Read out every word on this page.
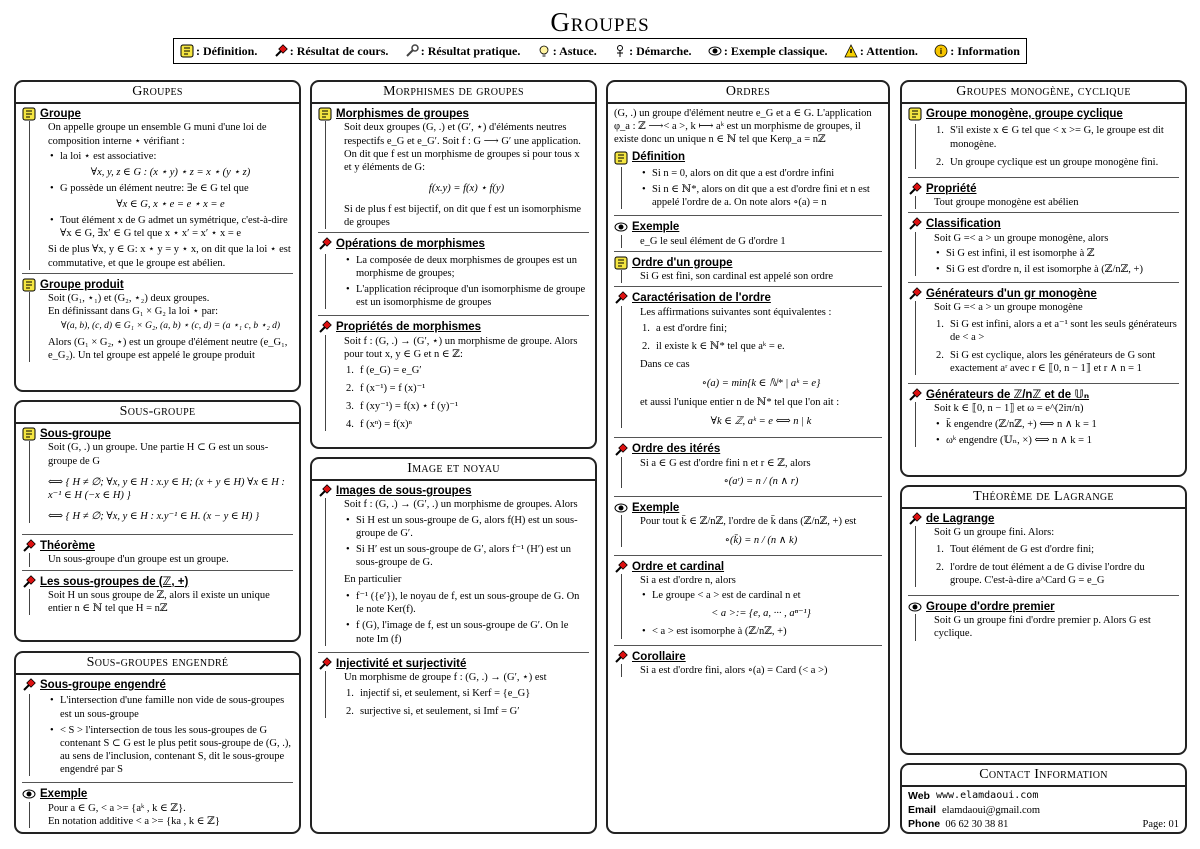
Groupes
: Définition.	: Résultat de cours.	: Résultat pratique.	: Astuce.	: Démarche.	: Exemple classique.	: Attention.	: Information
Groupes
Groupe
On appelle groupe un ensemble G muni d'une loi de composition interne ⋆ vérifiant :
• la loi ⋆ est associative:
∀x, y, z ∈ G : (x ⋆ y) ⋆ z = x ⋆ (y ⋆ z)
• G possède un élément neutre: ∃e ∈ G tel que
∀x ∈ G, x ⋆ e = e ⋆ x = e
• Tout élément x de G admet un symétrique, c'est-à-dire ∀x ∈ G, ∃x′ ∈ G tel que x ⋆ x′ = x′ ⋆ x = e
Si de plus ∀x, y ∈ G: x ⋆ y = y ⋆ x, on dit que la loi ⋆ est commutative, et que le groupe est abélien.
Groupe produit
Soit (G₁, ⋆₁) et (G₂, ⋆₂) deux groupes.
En définissant dans G₁ × G₂ la loi ⋆ par:
∀(a, b), (c, d) ∈ G₁ × G₂, (a, b) ⋆ (c, d) = (a ⋆₁ c, b ⋆₂ d)
Alors (G₁ × G₂, ⋆) est un groupe d'élément neutre (e_G₁, e_G₂). Un tel groupe est appelé le groupe produit
Sous-groupe
Sous-groupe
Soit (G, .) un groupe. Une partie H ⊂ G est un sous-groupe de G
⟺ { H ≠ ∅; ∀x, y ∈ H : x.y ∈ H; (x + y ∈ H) ∀x ∈ H : x⁻¹ ∈ H (−x ∈ H) }
⟺ { H ≠ ∅; ∀x, y ∈ H : x.y⁻¹ ∈ H. (x − y ∈ H) }
Théorème
Un sous-groupe d'un groupe est un groupe.
Les sous-groupes de (ℤ, +)
Soit H un sous groupe de ℤ, alors il existe un unique entier n ∈ ℕ tel que H = nℤ
Sous-groupes engendré
Sous-groupe engendré
• L'intersection d'une famille non vide de sous-groupes est un sous-groupe
• < S > l'intersection de tous les sous-groupes de G contenant S ⊂ G est le plus petit sous-groupe de (G, .), au sens de l'inclusion, contenant S, dit le sous-groupe engendré par S
Exemple
Pour a ∈ G, < a >= {aᵏ , k ∈ ℤ}.
En notation additive < a >= {ka , k ∈ ℤ}
Morphismes de groupes
Morphismes de groupes
Soit deux groupes (G, .) et (G′, ⋆) d'éléments neutres respectifs e_G et e_G′. Soit f : G ⟶ G′ une application. On dit que f est un morphisme de groupes si pour tous x et y éléments de G:
f(x.y) = f(x) ⋆ f(y)
Si de plus f est bijectif, on dit que f est un isomorphisme de groupes
Opérations de morphismes
• La composée de deux morphismes de groupes est un morphisme de groupes;
• L'application réciproque d'un isomorphisme de groupe est un isomorphisme de groupes
Propriétés de morphismes
Soit f : (G, .) → (G′, ⋆) un morphisme de groupe. Alors pour tout x, y ∈ G et n ∈ ℤ:
1. f (e_G) = e_G′
2. f (x⁻¹) = f (x)⁻¹
3. f (xy⁻¹) = f(x) ⋆ f (y)⁻¹
4. f (xⁿ) = f(x)ⁿ
Image et noyau
Images de sous-groupes
Soit f : (G, .) → (G′, .) un morphisme de groupes. Alors
• Si H est un sous-groupe de G, alors f(H) est un sous-groupe de G′.
• Si H′ est un sous-groupe de G′, alors f⁻¹ (H′) est un sous-groupe de G.
En particulier
• f⁻¹ ({e′}), le noyau de f, est un sous-groupe de G. On le note Ker(f).
• f (G), l'image de f, est un sous-groupe de G′. On le note Im (f)
Injectivité et surjectivité
Un morphisme de groupe f : (G, .) → (G′, ⋆) est
1. injectif si, et seulement, si Kerf = {e_G}
2. surjective si, et seulement, si Imf = G′
Ordres
(G, .) un groupe d'élément neutre e_G et a ∈ G. L'application φ_a : ℤ ⟶< a >, k ⟼ aᵏ est un morphisme de groupes, il existe donc un unique n ∈ ℕ tel que Kerφ_a = nℤ
Définition
• Si n = 0, alors on dit que a est d'ordre infini
• Si n ∈ ℕ*, alors on dit que a est d'ordre fini et n est appelé l'ordre de a. On note alors ∘(a) = n
Exemple
e_G le seul élément de G d'ordre 1
Ordre d'un groupe
Si G est fini, son cardinal est appelé son ordre
Caractérisation de l'ordre
Les affirmations suivantes sont équivalentes :
1. a est d'ordre fini;
2. il existe k ∈ ℕ* tel que aᵏ = e.
Dans ce cas
∘(a) = min{k ∈ ℕ* | aᵏ = e}
et aussi l'unique entier n de ℕ* tel que l'on ait :
∀k ∈ ℤ, aᵏ = e ⟺ n | k
Ordre des itérés
Si a ∈ G est d'ordre fini n et r ∈ ℤ, alors
∘(aʳ) = n / (n ∧ r)
Exemple
Pour tout k̄ ∈ ℤ/nℤ, l'ordre de k̄ dans (ℤ/nℤ, +) est
∘(k̄) = n / (n ∧ k)
Ordre et cardinal
Si a est d'ordre n, alors
• Le groupe < a > est de cardinal n et
< a >:= {e, a, ··· , aⁿ⁻¹}
• < a > est isomorphe à (ℤ/nℤ, +)
Corollaire
Si a est d'ordre fini, alors ∘(a) = Card (< a >)
Groupes monogène, cyclique
Groupe monogène, groupe cyclique
1. S'il existe x ∈ G tel que < x >= G, le groupe est dit monogène.
2. Un groupe cyclique est un groupe monogène fini.
Propriété
Tout groupe monogène est abélien
Classification
Soit G =< a > un groupe monogène, alors
• Si G est infini, il est isomorphe à ℤ
• Si G est d'ordre n, il est isomorphe à (ℤ/nℤ, +)
Générateurs d'un gr monogène
Soit G =< a > un groupe monogène
1. Si G est infini, alors a et a⁻¹ sont les seuls générateurs de < a >
2. Si G est cyclique, alors les générateurs de G sont exactement aʳ avec r ∈ ⟦0, n − 1⟧ et r ∧ n = 1
Générateurs de ℤ/nℤ et de 𝕌ₙ
Soit k ∈ ⟦0, n − 1⟧ et ω = e^(2iπ/n)
• k̄ engendre (ℤ/nℤ, +) ⟺ n ∧ k = 1
• ωᵏ engendre (𝕌ₙ, ×) ⟺ n ∧ k = 1
Théorème de Lagrange
de Lagrange
Soit G un groupe fini. Alors:
1. Tout élément de G est d'ordre fini;
2. l'ordre de tout élément a de G divise l'ordre du groupe. C'est-à-dire a^Card G = e_G
Groupe d'ordre premier
Soit G un groupe fini d'ordre premier p. Alors G est cyclique.
Contact Information
Web www.elamdaoui.com
Email elamdaoui@gmail.com
Phone 06 62 30 38 81	Page: 01
